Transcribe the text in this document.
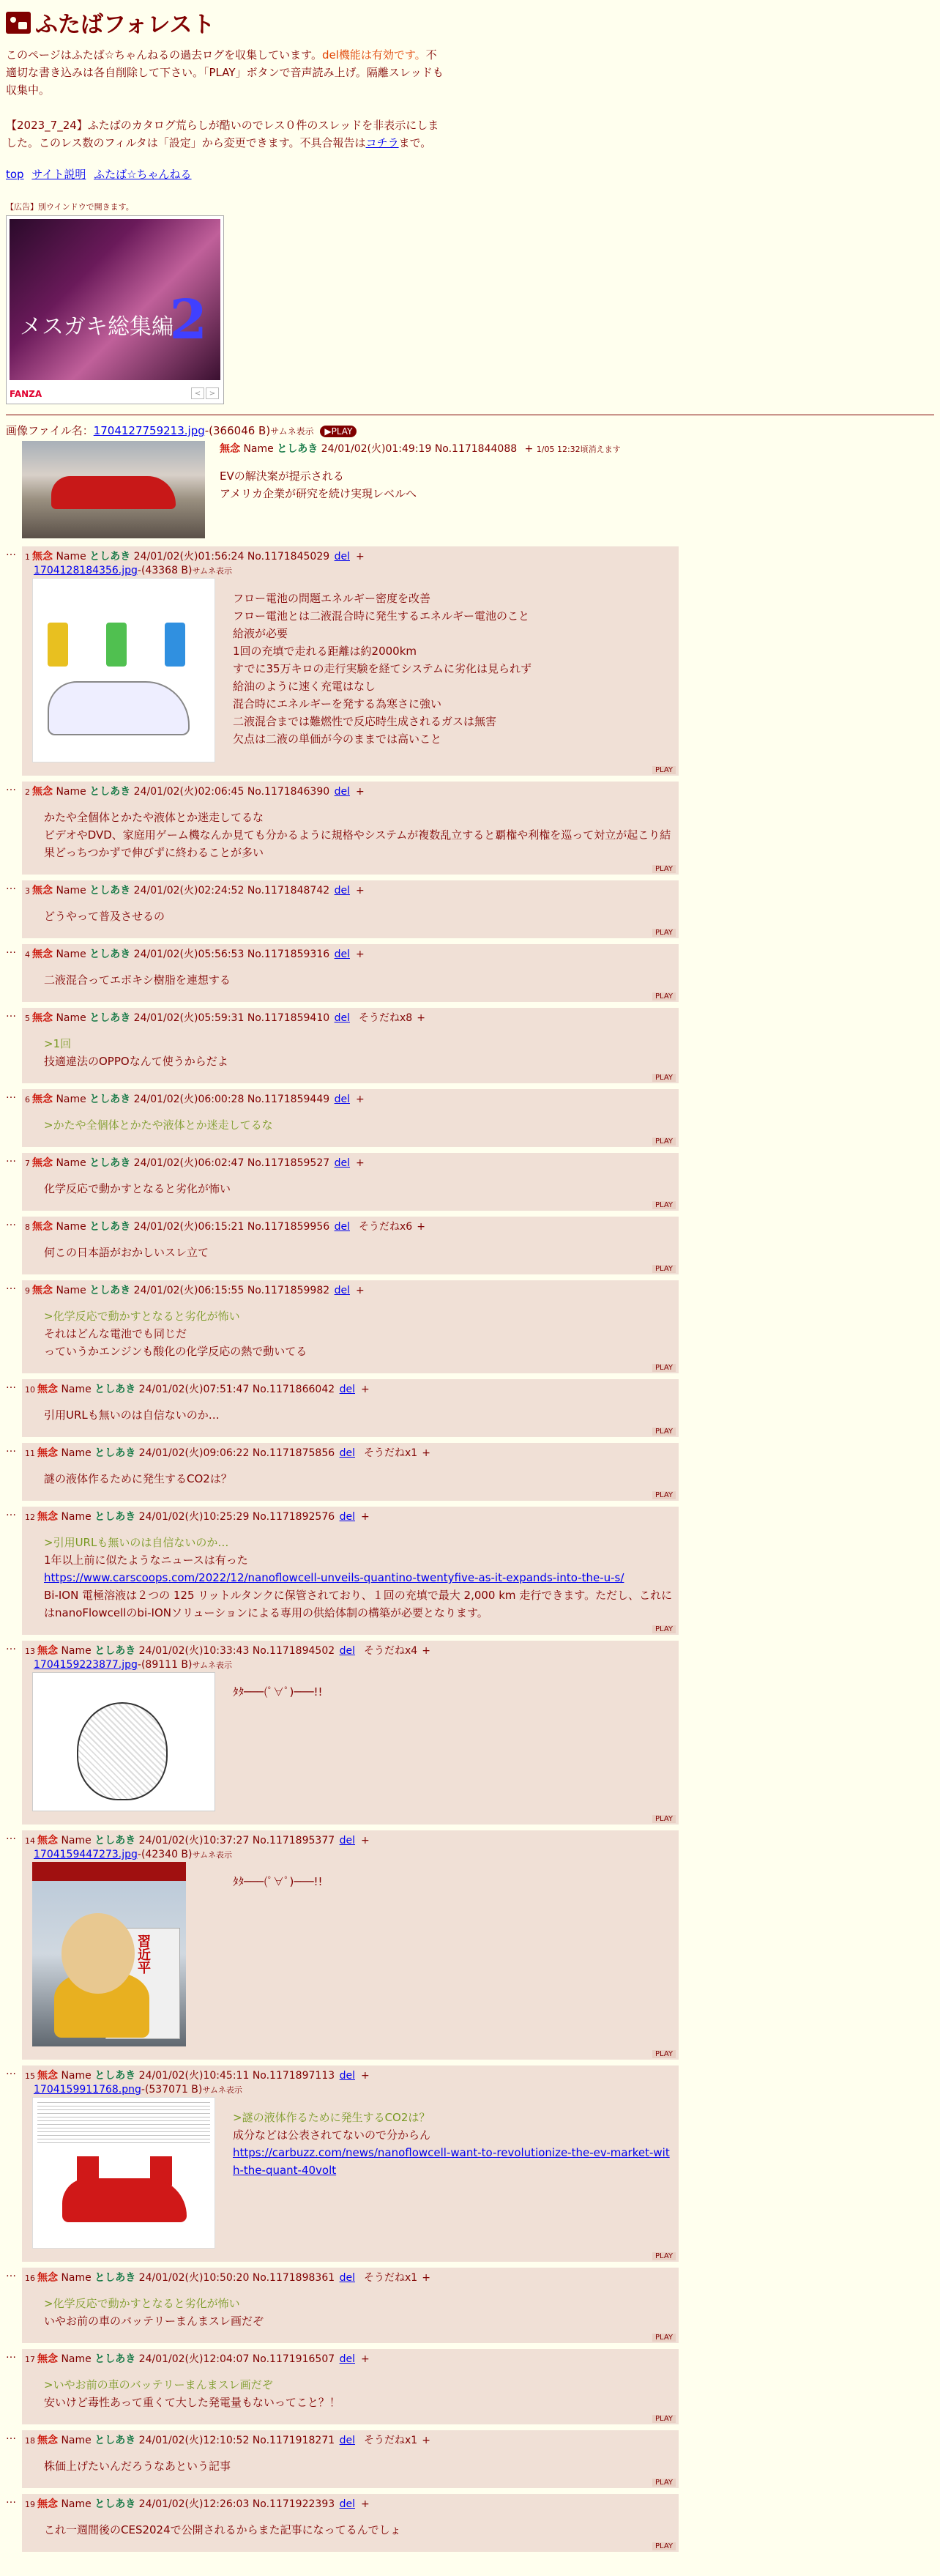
ふたばフォレスト
このページはふたば☆ちゃんねるの過去ログを収集しています。del機能は有効です。不適切な書き込みは各自削除して下さい。「PLAY」ボタンで音声読み上げ。隔離スレッドも収集中。

【2023_7_24】ふたばのカタログ荒らしが酷いのでレス０件のスレッドを非表示にしました。このレス数のフィルタは「設定」から変更できます。不具合報告はコチラまで。
top サイト説明 ふたば☆ちゃんねる
【広告】別ウインドウで開きます。
メスガキ総集編
2
FANZA	<	>
画像ファイル名：1704127759213.jpg-(366046 B)サムネ表示 ▶PLAY
無念 Name としあき 24/01/02(火)01:49:19 No.1171844088 + 1/05 12:32頃消えます
EVの解決案が提示される
アメリカ企業が研究を続け実現レベルへ
…	1 無念 Name としあき 24/01/02(火)01:56:24 No.1171845029 del +
1704128184356.jpg-(43368 B)サムネ表示
フロー電池の問題エネルギー密度を改善
フロー電池とは二液混合時に発生するエネルギー電池のこと
給液が必要
1回の充填で走れる距離は約2000km
すでに35万キロの走行実験を経てシステムに劣化は見られず
給油のように速く充電はなし
混合時にエネルギーを発する為寒さに強い
二液混合までは難燃性で反応時生成されるガスは無害
欠点は二液の単価が今のままでは高いこと
PLAY
…	2 無念 Name としあき 24/01/02(火)02:06:45 No.1171846390 del +
かたや全個体とかたや液体とか迷走してるな
ビデオやDVD、家庭用ゲーム機なんか見ても分かるように規格やシステムが複数乱立すると覇権や利権を巡って対立が起こり結果どっちつかずで伸びずに終わることが多い
PLAY
…	3 無念 Name としあき 24/01/02(火)02:24:52 No.1171848742 del +
どうやって普及させるの
PLAY
…	4 無念 Name としあき 24/01/02(火)05:56:53 No.1171859316 del +
二液混合ってエポキシ樹脂を連想する
PLAY
…	5 無念 Name としあき 24/01/02(火)05:59:31 No.1171859410 del そうだねx8 +
>1回
技適違法のOPPOなんて使うからだよ
PLAY
…	6 無念 Name としあき 24/01/02(火)06:00:28 No.1171859449 del +
>かたや全個体とかたや液体とか迷走してるな
PLAY
…	7 無念 Name としあき 24/01/02(火)06:02:47 No.1171859527 del +
化学反応で動かすとなると劣化が怖い
PLAY
…	8 無念 Name としあき 24/01/02(火)06:15:21 No.1171859956 del そうだねx6 +
何この日本語がおかしいスレ立て
PLAY
…	9 無念 Name としあき 24/01/02(火)06:15:55 No.1171859982 del +
>化学反応で動かすとなると劣化が怖い
それはどんな電池でも同じだ
っていうかエンジンも酸化の化学反応の熱で動いてる
PLAY
…	10 無念 Name としあき 24/01/02(火)07:51:47 No.1171866042 del +
引用URLも無いのは自信ないのか…
PLAY
…	11 無念 Name としあき 24/01/02(火)09:06:22 No.1171875856 del そうだねx1 +
謎の液体作るために発生するCO2は？
PLAY
…	12 無念 Name としあき 24/01/02(火)10:25:29 No.1171892576 del +
>引用URLも無いのは自信ないのか…
1年以上前に似たようなニュースは有った
https://www.carscoops.com/2022/12/nanoflowcell-unveils-quantino-twentyfive-as-it-expands-into-the-u-s/
Bi-ION 電極溶液は２つの 125 リットルタンクに保管されており、１回の充填で最大 2,000 km 走行できます。ただし、これにはnanoFlowcellのbi-IONソリューションによる専用の供給体制の構築が必要となります。
PLAY
…	13 無念 Name としあき 24/01/02(火)10:33:43 No.1171894502 del そうだねx4 +
1704159223877.jpg-(89111 B)サムネ表示
ﾀﾀ───(ﾟ∀ﾟ)───!!
PLAY
…	14 無念 Name としあき 24/01/02(火)10:37:27 No.1171895377 del +
1704159447273.jpg-(42340 B)サムネ表示
習近平
ﾀﾀ───(ﾟ∀ﾟ)───!!
PLAY
…	15 無念 Name としあき 24/01/02(火)10:45:11 No.1171897113 del +
1704159911768.png-(537071 B)サムネ表示
>謎の液体作るために発生するCO2は？
成分などは公表されてないので分からん
https://carbuzz.com/news/nanoflowcell-want-to-revolutionize-the-ev-market-with-the-quant-40volt
PLAY
…	16 無念 Name としあき 24/01/02(火)10:50:20 No.1171898361 del そうだねx1 +
>化学反応で動かすとなると劣化が怖い
いやお前の車のバッテリーまんまスレ画だぞ
PLAY
…	17 無念 Name としあき 24/01/02(火)12:04:07 No.1171916507 del +
>いやお前の車のバッテリーまんまスレ画だぞ
安いけど毒性あって重くて大した発電量もないってこと？！
PLAY
…	18 無念 Name としあき 24/01/02(火)12:10:52 No.1171918271 del そうだねx1 +
株価上げたいんだろうなあという記事
PLAY
…	19 無念 Name としあき 24/01/02(火)12:26:03 No.1171922393 del +
これ一週間後のCES2024で公開されるからまた記事になってるんでしょ
PLAY
